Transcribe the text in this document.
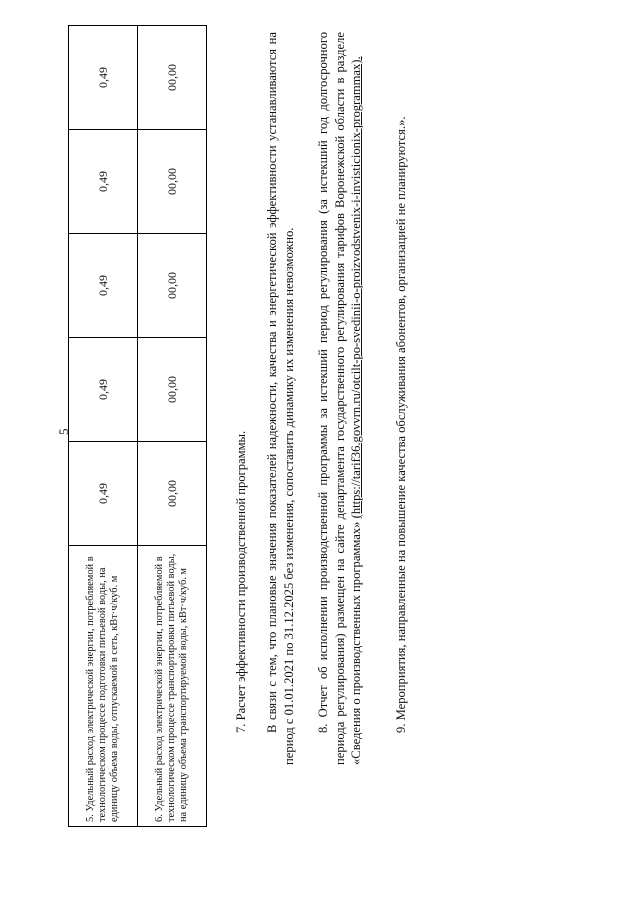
5
5. Удельный расход электрической энергии, потребляемой в технологическом процессе подготовки питьевой воды, на единицу объема воды, отпускаемой в сеть, кВт·ч/куб. м	0,49	0,49	0,49	0,49	0,49
6. Удельный расход электрической энергии, потребляемой в технологическом процессе транспортировки питьевой воды, на единицу объема транспортируемой воды, кВт·ч/куб. м	00,00	00,00	00,00	00,00	00,00
7. Расчет эффективности производственной программы. В связи с тем, что плановые значения показателей надежности, качества и энергетической эффективности устанавливаются на период с 01.01.2021 по 31.12.2025 без изменения, сопоставить динамику их изменения невозможно. 8. Отчет об исполнении производственной программы за истекший период регулирования (за истекший год долгосрочного периода регулирования) размещен на сайте департамента государственного регулирования тарифов Воронежской области в разделе «Сведения о производственных программах» (https://tarif36.govvrn.ru/otcilt-po-svedinii-o-proizvodstvenix-i-invisticionix-programmax). 9. Мероприятия, направленные на повышение качества обслуживания абонентов, организацией не планируются.».
